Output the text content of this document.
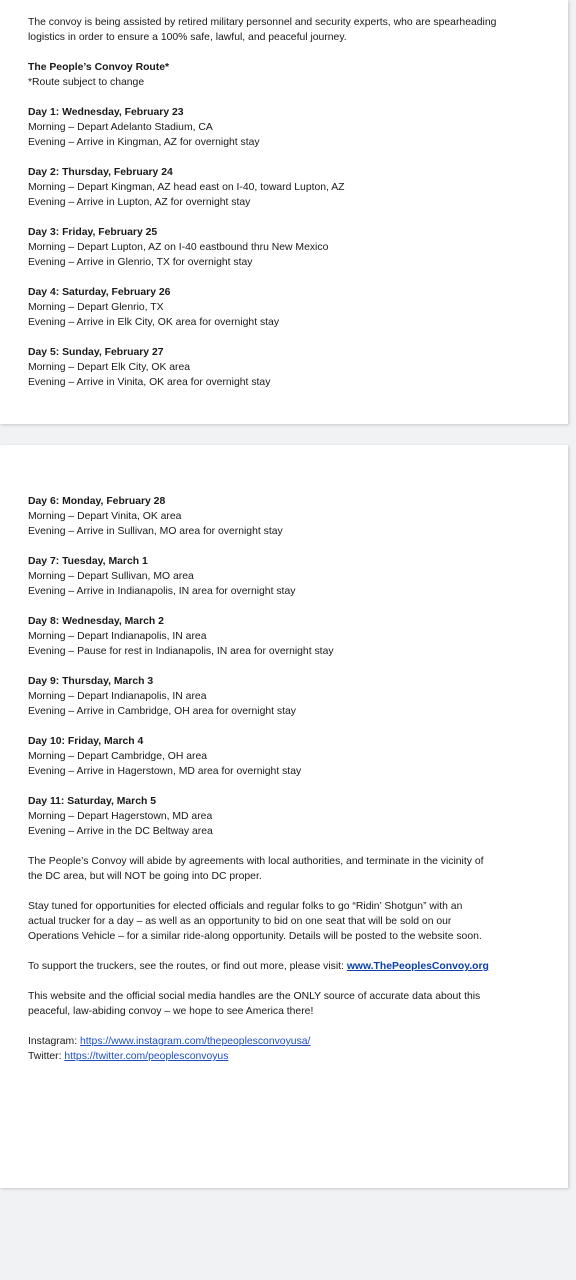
The convoy is being assisted by retired military personnel and security experts, who are spearheading

logistics in order to ensure a 100% safe, lawful, and peaceful journey.

The People’s Convoy Route*

*Route subject to change

Day 1: Wednesday, February 23

Morning – Depart Adelanto Stadium, CA

Evening – Arrive in Kingman, AZ for overnight stay

Day 2: Thursday, February 24

Morning – Depart Kingman, AZ head east on I-40, toward Lupton, AZ

Evening – Arrive in Lupton, AZ for overnight stay

Day 3: Friday, February 25

Morning – Depart Lupton, AZ on I-40 eastbound thru New Mexico

Evening – Arrive in Glenrio, TX for overnight stay

Day 4: Saturday, February 26

Morning – Depart Glenrio, TX

Evening – Arrive in Elk City, OK area for overnight stay

Day 5: Sunday, February 27

Morning – Depart Elk City, OK area

Evening – Arrive in Vinita, OK area for overnight stay

Day 6: Monday, February 28

Morning – Depart Vinita, OK area

Evening – Arrive in Sullivan, MO area for overnight stay

Day 7: Tuesday, March 1

Morning – Depart Sullivan, MO area

Evening – Arrive in Indianapolis, IN area for overnight stay

Day 8: Wednesday, March 2

Morning – Depart Indianapolis, IN area

Evening – Pause for rest in Indianapolis, IN area for overnight stay

Day 9: Thursday, March 3

Morning – Depart Indianapolis, IN area

Evening – Arrive in Cambridge, OH area for overnight stay

Day 10: Friday, March 4

Morning – Depart Cambridge, OH area

Evening – Arrive in Hagerstown, MD area for overnight stay

Day 11: Saturday, March 5

Morning – Depart Hagerstown, MD area

Evening – Arrive in the DC Beltway area

The People’s Convoy will abide by agreements with local authorities, and terminate in the vicinity of

the DC area, but will NOT be going into DC proper.

Stay tuned for opportunities for elected officials and regular folks to go “Ridin’ Shotgun” with an

actual trucker for a day – as well as an opportunity to bid on one seat that will be sold on our

Operations Vehicle – for a similar ride-along opportunity. Details will be posted to the website soon.

To support the truckers, see the routes, or find out more, please visit: www.ThePeoplesConvoy.org

This website and the official social media handles are the ONLY source of accurate data about this

peaceful, law-abiding convoy – we hope to see America there!

Instagram: https://www.instagram.com/thepeoplesconvoyusa/

Twitter: https://twitter.com/peoplesconvoyus
